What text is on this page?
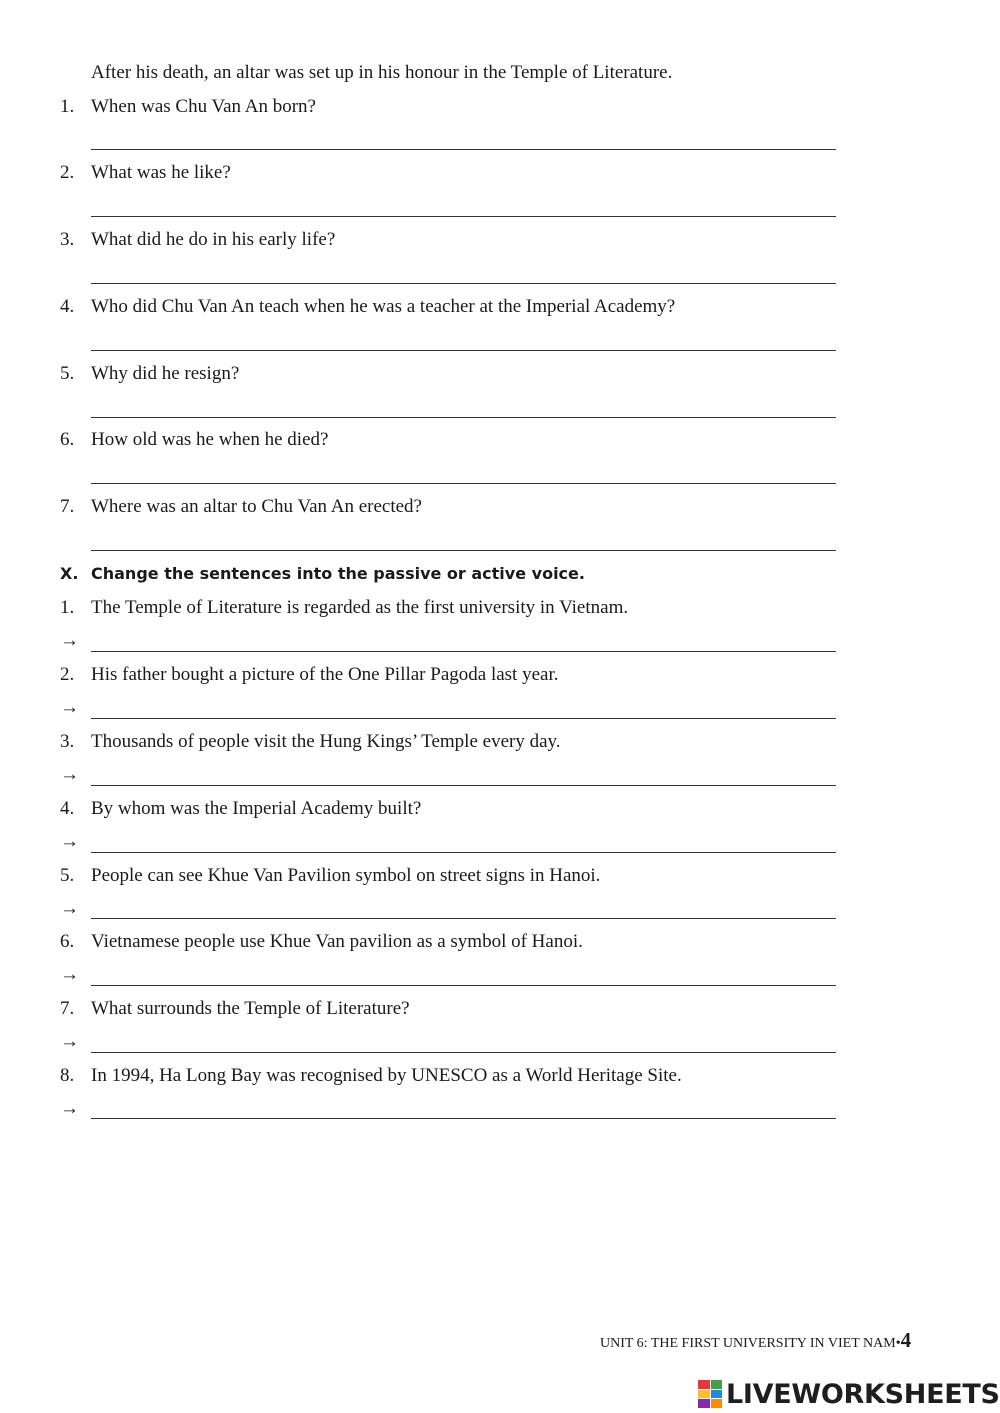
After his death, an altar was set up in his honour in the Temple of Literature.
1. When was Chu Van An born?
2. What was he like?
3. What did he do in his early life?
4. Who did Chu Van An teach when he was a teacher at the Imperial Academy?
5. Why did he resign?
6. How old was he when he died?
7. Where was an altar to Chu Van An erected?
X. Change the sentences into the passive or active voice.
1. The Temple of Literature is regarded as the first university in Vietnam.
→
2. His father bought a picture of the One Pillar Pagoda last year.
→
3. Thousands of people visit the Hung Kings’ Temple every day.
→
4. By whom was the Imperial Academy built?
→
5. People can see Khue Van Pavilion symbol on street signs in Hanoi.
→
6. Vietnamese people use Khue Van pavilion as a symbol of Hanoi.
→
7. What surrounds the Temple of Literature?
→
8. In 1994, Ha Long Bay was recognised by UNESCO as a World Heritage Site.
→
UNIT 6: THE FIRST UNIVERSITY IN VIET NAM•4
LIVEWORKSHEETS
